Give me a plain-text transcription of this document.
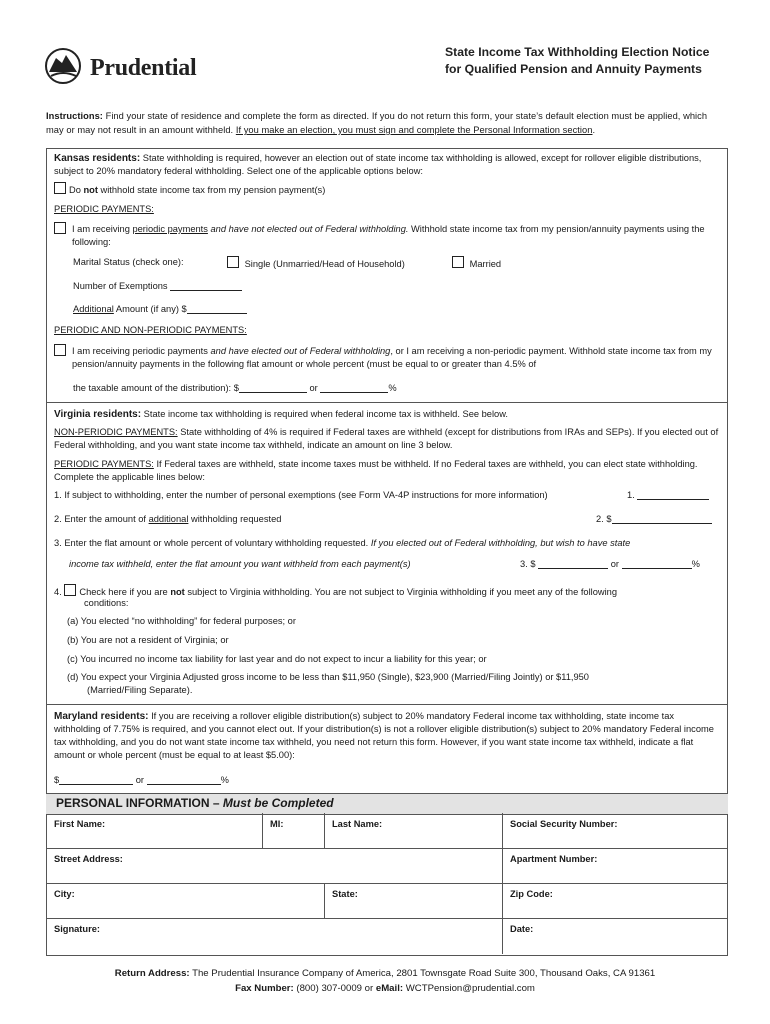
Prudential
State Income Tax Withholding Election Notice
for Qualified Pension and Annuity Payments
Instructions: Find your state of residence and complete the form as directed. If you do not return this form, your state’s default election must be applied, which may or may not result in an amount withheld. If you make an election, you must sign and complete the Personal Information section.
Kansas residents: State withholding is required, however an election out of state income tax withholding is allowed, except for rollover eligible distributions, subject to 20% mandatory federal withholding. Select one of the applicable options below:
Do not withhold state income tax from my pension payment(s)
PERIODIC PAYMENTS:
I am receiving periodic payments and have not elected out of Federal withholding. Withhold state income tax from my pension/annuity payments using the following:
Marital Status (check one):	Single (Unmarried/Head of Household)	Married
Number of Exemptions
Additional Amount (if any) $
PERIODIC AND NON-PERIODIC PAYMENTS:
I am receiving periodic payments and have elected out of Federal withholding, or I am receiving a non-periodic payment. Withhold state income tax from my pension/annuity payments in the following flat amount or whole percent (must be equal to or greater than 4.5% of
the taxable amount of the distribution): $	or	%
Virginia residents: State income tax withholding is required when federal income tax is withheld. See below.
NON-PERIODIC PAYMENTS: State withholding of 4% is required if Federal taxes are withheld (except for distributions from IRAs and SEPs). If you elected out of Federal withholding, and you want state income tax withheld, indicate an amount on line 3 below.
PERIODIC PAYMENTS: If Federal taxes are withheld, state income taxes must be withheld. If no Federal taxes are withheld, you can elect state withholding. Complete the applicable lines below:
1. If subject to withholding, enter the number of personal exemptions (see Form VA-4P instructions for more information)	1.
2. Enter the amount of additional withholding requested	2. $
3. Enter the flat amount or whole percent of voluntary withholding requested. If you elected out of Federal withholding, but wish to have state
income tax withheld, enter the flat amount you want withheld from each payment(s)	3. $	or	%
4. Check here if you are not subject to Virginia withholding. You are not subject to Virginia withholding if you meet any of the following
conditions:
(a) You elected “no withholding” for federal purposes; or
(b) You are not a resident of Virginia; or
(c) You incurred no income tax liability for last year and do not expect to incur a liability for this year; or
(d) You expect your Virginia Adjusted gross income to be less than $11,950 (Single), $23,900 (Married/Filing Jointly) or $11,950
(Married/Filing Separate).
Maryland residents: If you are receiving a rollover eligible distribution(s) subject to 20% mandatory Federal income tax withholding, state income tax withholding of 7.75% is required, and you cannot elect out. If your distribution(s) is not a rollover eligible distribution(s) subject to 20% mandatory Federal income tax withholding, and you do not want state income tax withheld, you need not return this form. However, if you want state income tax withheld, indicate a flat amount or whole percent (must be equal to at least $5.00):
$	or	%
PERSONAL INFORMATION – Must be Completed
First Name:	MI:	Last Name:	Social Security Number:
Street Address:	Apartment Number:
City:	State:	Zip Code:
Signature:	Date:
Return Address: The Prudential Insurance Company of America, 2801 Townsgate Road Suite 300, Thousand Oaks, CA 91361
Fax Number: (800) 307-0009 or eMail: WCTPension@prudential.com
